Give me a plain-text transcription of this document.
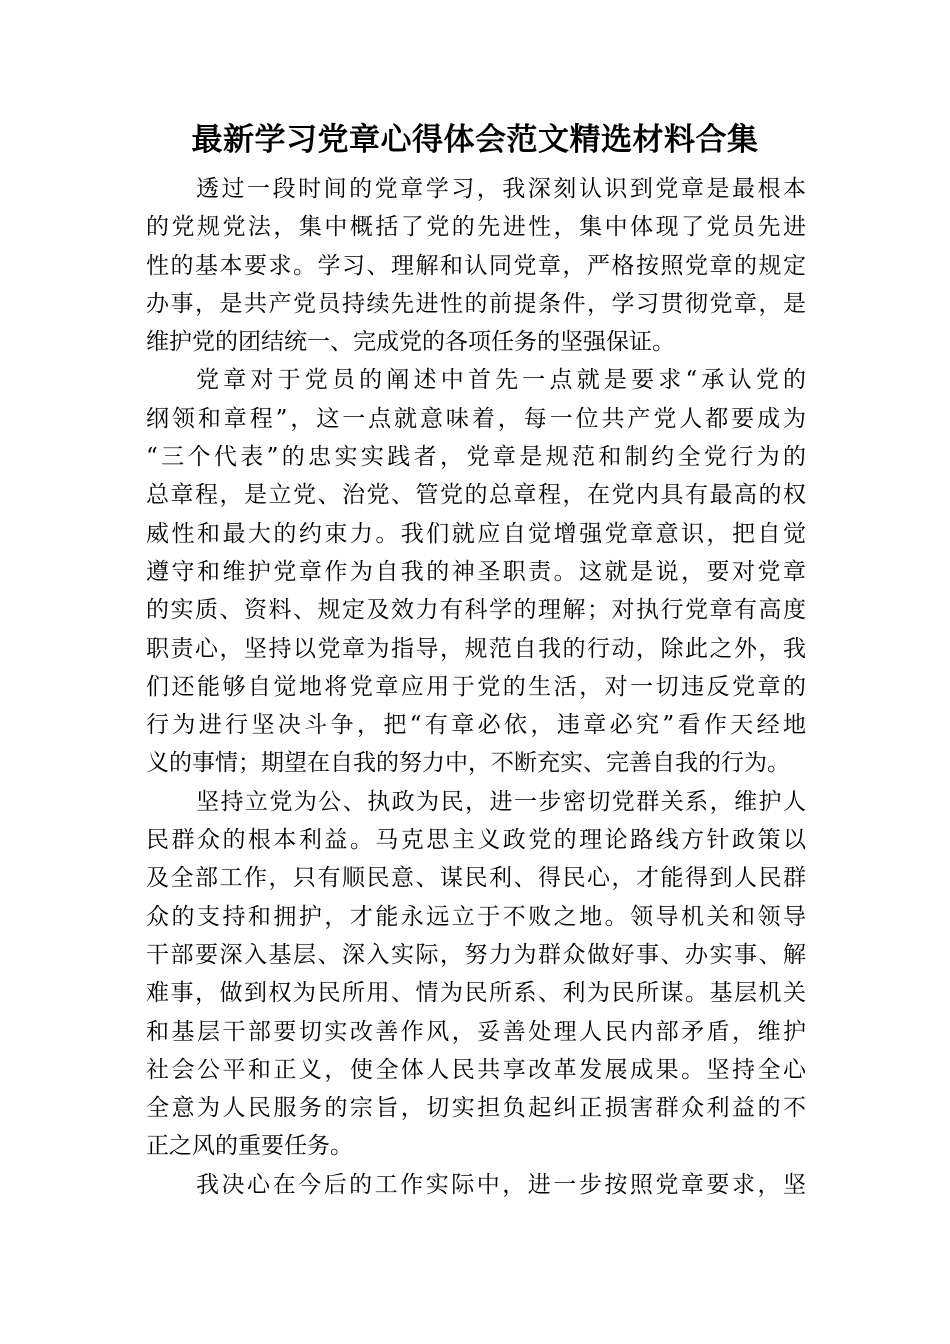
最新学习党章心得体会范文精选材料合集
透过一段时间的党章学习，我深刻认识到党章是最根本
的党规党法，集中概括了党的先进性，集中体现了党员先进
性的基本要求。学习、理解和认同党章，严格按照党章的规定
办事，是共产党员持续先进性的前提条件，学习贯彻党章，是
维护党的团结统一、完成党的各项任务的坚强保证。
党章对于党员的阐述中首先一点就是要求“承认党的
纲领和章程”，这一点就意味着，每一位共产党人都要成为
“三个代表”的忠实实践者，党章是规范和制约全党行为的
总章程，是立党、治党、管党的总章程，在党内具有最高的权
威性和最大的约束力。我们就应自觉增强党章意识，把自觉
遵守和维护党章作为自我的神圣职责。这就是说，要对党章
的实质、资料、规定及效力有科学的理解；对执行党章有高度
职责心，坚持以党章为指导，规范自我的行动，除此之外，我
们还能够自觉地将党章应用于党的生活，对一切违反党章的
行为进行坚决斗争，把“有章必依，违章必究”看作天经地
义的事情；期望在自我的努力中，不断充实、完善自我的行为。
坚持立党为公、执政为民，进一步密切党群关系，维护人
民群众的根本利益。马克思主义政党的理论路线方针政策以
及全部工作，只有顺民意、谋民利、得民心，才能得到人民群
众的支持和拥护，才能永远立于不败之地。领导机关和领导
干部要深入基层、深入实际，努力为群众做好事、办实事、解
难事，做到权为民所用、情为民所系、利为民所谋。基层机关
和基层干部要切实改善作风，妥善处理人民内部矛盾，维护
社会公平和正义，使全体人民共享改革发展成果。坚持全心
全意为人民服务的宗旨，切实担负起纠正损害群众利益的不
正之风的重要任务。
我决心在今后的工作实际中，进一步按照党章要求，坚
